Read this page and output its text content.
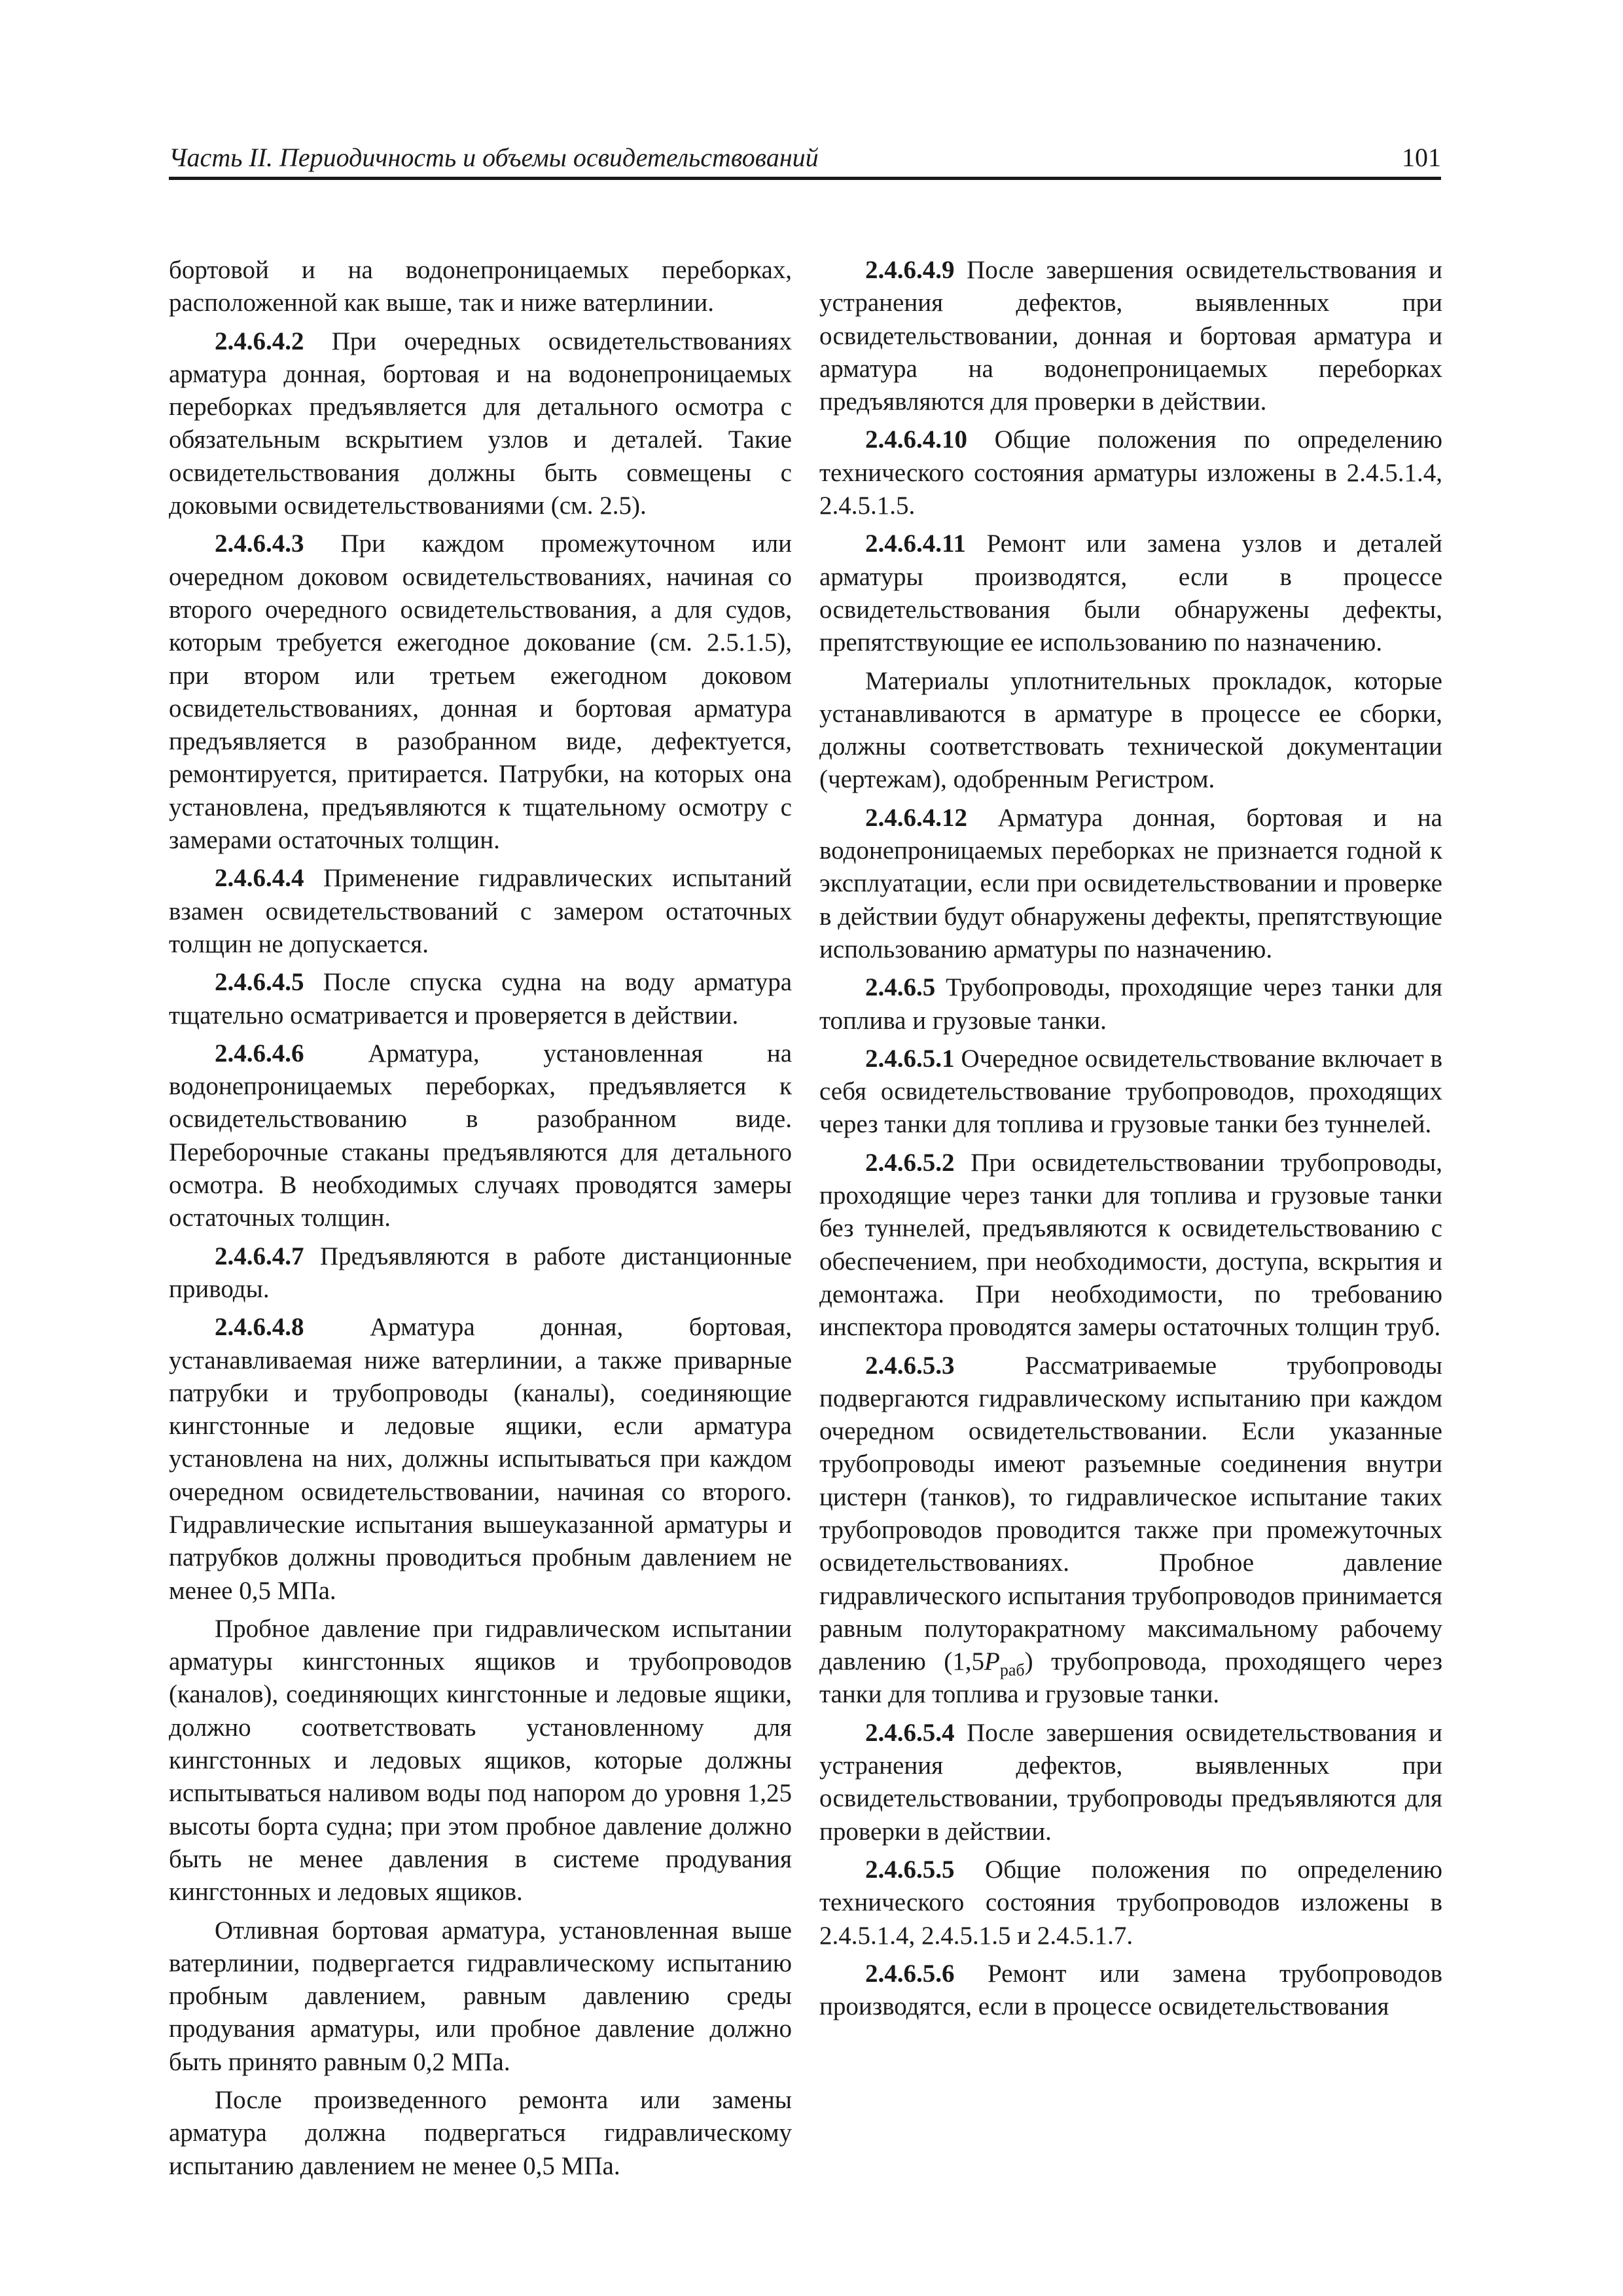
Часть II. Периодичность и объемы освидетельствований	101

бортовой и на водонепроницаемых переборках, расположенной как выше, так и ниже ватерлинии.

2.4.6.4.2 При очередных освидетельствованиях арматура донная, бортовая и на водонепроницаемых переборках предъявляется для детального осмотра с обязательным вскрытием узлов и деталей. Такие освидетельствования должны быть совмещены с доковыми освидетельствованиями (см. 2.5).

2.4.6.4.3 При каждом промежуточном или очередном доковом освидетельствованиях, начиная со второго очередного освидетельствования, а для судов, которым требуется ежегодное докование (см. 2.5.1.5), при втором или третьем ежегодном доковом освидетельствованиях, донная и бортовая арматура предъявляется в разобранном виде, дефектуется, ремонтируется, притирается. Патрубки, на которых она установлена, предъявляются к тщательному осмотру с замерами остаточных толщин.

2.4.6.4.4 Применение гидравлических испытаний взамен освидетельствований с замером остаточных толщин не допускается.

2.4.6.4.5 После спуска судна на воду арматура тщательно осматривается и проверяется в действии.

2.4.6.4.6 Арматура, установленная на водонепроницаемых переборках, предъявляется к освидетельствованию в разобранном виде. Переборочные стаканы предъявляются для детального осмотра. В необходимых случаях проводятся замеры остаточных толщин.

2.4.6.4.7 Предъявляются в работе дистанционные приводы.

2.4.6.4.8 Арматура донная, бортовая, устанавливаемая ниже ватерлинии, а также приварные патрубки и трубопроводы (каналы), соединяющие кингстонные и ледовые ящики, если арматура установлена на них, должны испытываться при каждом очередном освидетельствовании, начиная со второго. Гидравлические испытания вышеуказанной арматуры и патрубков должны проводиться пробным давлением не менее 0,5 МПа.

Пробное давление при гидравлическом испытании арматуры кингстонных ящиков и трубопроводов (каналов), соединяющих кингстонные и ледовые ящики, должно соответствовать установленному для кингстонных и ледовых ящиков, которые должны испытываться наливом воды под напором до уровня 1,25 высоты борта судна; при этом пробное давление должно быть не менее давления в системе продувания кингстонных и ледовых ящиков.

Отливная бортовая арматура, установленная выше ватерлинии, подвергается гидравлическому испытанию пробным давлением, равным давлению среды продувания арматуры, или пробное давление должно быть принято равным 0,2 МПа.

После произведенного ремонта или замены арматура должна подвергаться гидравлическому испытанию давлением не менее 0,5 МПа.

2.4.6.4.9 После завершения освидетельствования и устранения дефектов, выявленных при освидетельствовании, донная и бортовая арматура и арматура на водонепроницаемых переборках предъявляются для проверки в действии.

2.4.6.4.10 Общие положения по определению технического состояния арматуры изложены в 2.4.5.1.4, 2.4.5.1.5.

2.4.6.4.11 Ремонт или замена узлов и деталей арматуры производятся, если в процессе освидетельствования были обнаружены дефекты, препятствующие ее использованию по назначению.

Материалы уплотнительных прокладок, которые устанавливаются в арматуре в процессе ее сборки, должны соответствовать технической документации (чертежам), одобренным Регистром.

2.4.6.4.12 Арматура донная, бортовая и на водонепроницаемых переборках не признается годной к эксплуатации, если при освидетельствовании и проверке в действии будут обнаружены дефекты, препятствующие использованию арматуры по назначению.

2.4.6.5 Трубопроводы, проходящие через танки для топлива и грузовые танки.

2.4.6.5.1 Очередное освидетельствование включает в себя освидетельствование трубопроводов, проходящих через танки для топлива и грузовые танки без туннелей.

2.4.6.5.2 При освидетельствовании трубопроводы, проходящие через танки для топлива и грузовые танки без туннелей, предъявляются к освидетельствованию с обеспечением, при необходимости, доступа, вскрытия и демонтажа. При необходимости, по требованию инспектора проводятся замеры остаточных толщин труб.

2.4.6.5.3 Рассматриваемые трубопроводы подвергаются гидравлическому испытанию при каждом очередном освидетельствовании. Если указанные трубопроводы имеют разъемные соединения внутри цистерн (танков), то гидравлическое испытание таких трубопроводов проводится также при промежуточных освидетельствованиях. Пробное давление гидравлического испытания трубопроводов принимается равным полуторакратному максимальному рабочему давлению $(1,5P_{раб})$ трубопровода, проходящего через танки для топлива и грузовые танки.

2.4.6.5.4 После завершения освидетельствования и устранения дефектов, выявленных при освидетельствовании, трубопроводы предъявляются для проверки в действии.

2.4.6.5.5 Общие положения по определению технического состояния трубопроводов изложены в 2.4.5.1.4, 2.4.5.1.5 и 2.4.5.1.7.

2.4.6.5.6 Ремонт или замена трубопроводов производятся, если в процессе освидетельствования
